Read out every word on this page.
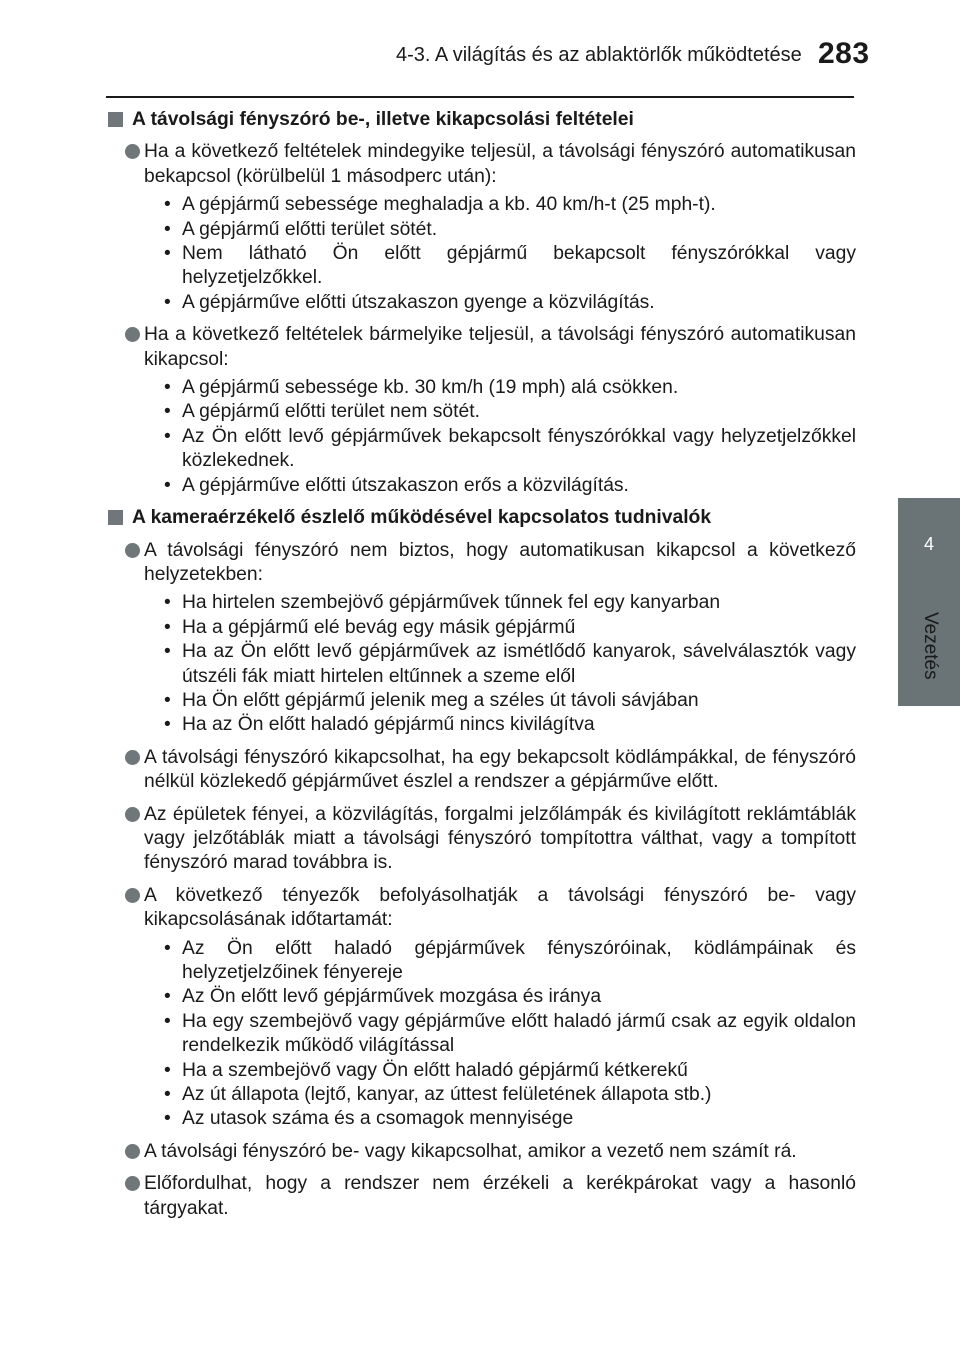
4-3. A világítás és az ablaktörlők működtetése 283
4
Vezetés
A távolsági fényszóró be-, illetve kikapcsolási feltételei
Ha a következő feltételek mindegyike teljesül, a távolsági fényszóró automatikusan bekapcsol (körülbelül 1 másodperc után):
• A gépjármű sebessége meghaladja a kb. 40 km/h-t (25 mph-t).
• A gépjármű előtti terület sötét.
• Nem látható Ön előtt gépjármű bekapcsolt fényszórókkal vagy helyzetjelzőkkel.
• A gépjárműve előtti útszakaszon gyenge a közvilágítás.
Ha a következő feltételek bármelyike teljesül, a távolsági fényszóró automatikusan kikapcsol:
• A gépjármű sebessége kb. 30 km/h (19 mph) alá csökken.
• A gépjármű előtti terület nem sötét.
• Az Ön előtt levő gépjárművek bekapcsolt fényszórókkal vagy helyzetjelzőkkel közlekednek.
• A gépjárműve előtti útszakaszon erős a közvilágítás.
A kameraérzékelő észlelő működésével kapcsolatos tudnivalók
A távolsági fényszóró nem biztos, hogy automatikusan kikapcsol a következő helyzetekben:
• Ha hirtelen szembejövő gépjárművek tűnnek fel egy kanyarban
• Ha a gépjármű elé bevág egy másik gépjármű
• Ha az Ön előtt levő gépjárművek az ismétlődő kanyarok, sávelválasztók vagy útszéli fák miatt hirtelen eltűnnek a szeme elől
• Ha Ön előtt gépjármű jelenik meg a széles út távoli sávjában
• Ha az Ön előtt haladó gépjármű nincs kivilágítva
A távolsági fényszóró kikapcsolhat, ha egy bekapcsolt ködlámpákkal, de fényszóró nélkül közlekedő gépjárművet észlel a rendszer a gépjárműve előtt.
Az épületek fényei, a közvilágítás, forgalmi jelzőlámpák és kivilágított reklámtáblák vagy jelzőtáblák miatt a távolsági fényszóró tompítottra válthat, vagy a tompított fényszóró marad továbbra is.
A következő tényezők befolyásolhatják a távolsági fényszóró be- vagy kikapcsolásának időtartamát:
• Az Ön előtt haladó gépjárművek fényszóróinak, ködlámpáinak és helyzetjelzőinek fényereje
• Az Ön előtt levő gépjárművek mozgása és iránya
• Ha egy szembejövő vagy gépjárműve előtt haladó jármű csak az egyik oldalon rendelkezik működő világítással
• Ha a szembejövő vagy Ön előtt haladó gépjármű kétkerekű
• Az út állapota (lejtő, kanyar, az úttest felületének állapota stb.)
• Az utasok száma és a csomagok mennyisége
A távolsági fényszóró be- vagy kikapcsolhat, amikor a vezető nem számít rá.
Előfordulhat, hogy a rendszer nem érzékeli a kerékpárokat vagy a hasonló tárgyakat.
